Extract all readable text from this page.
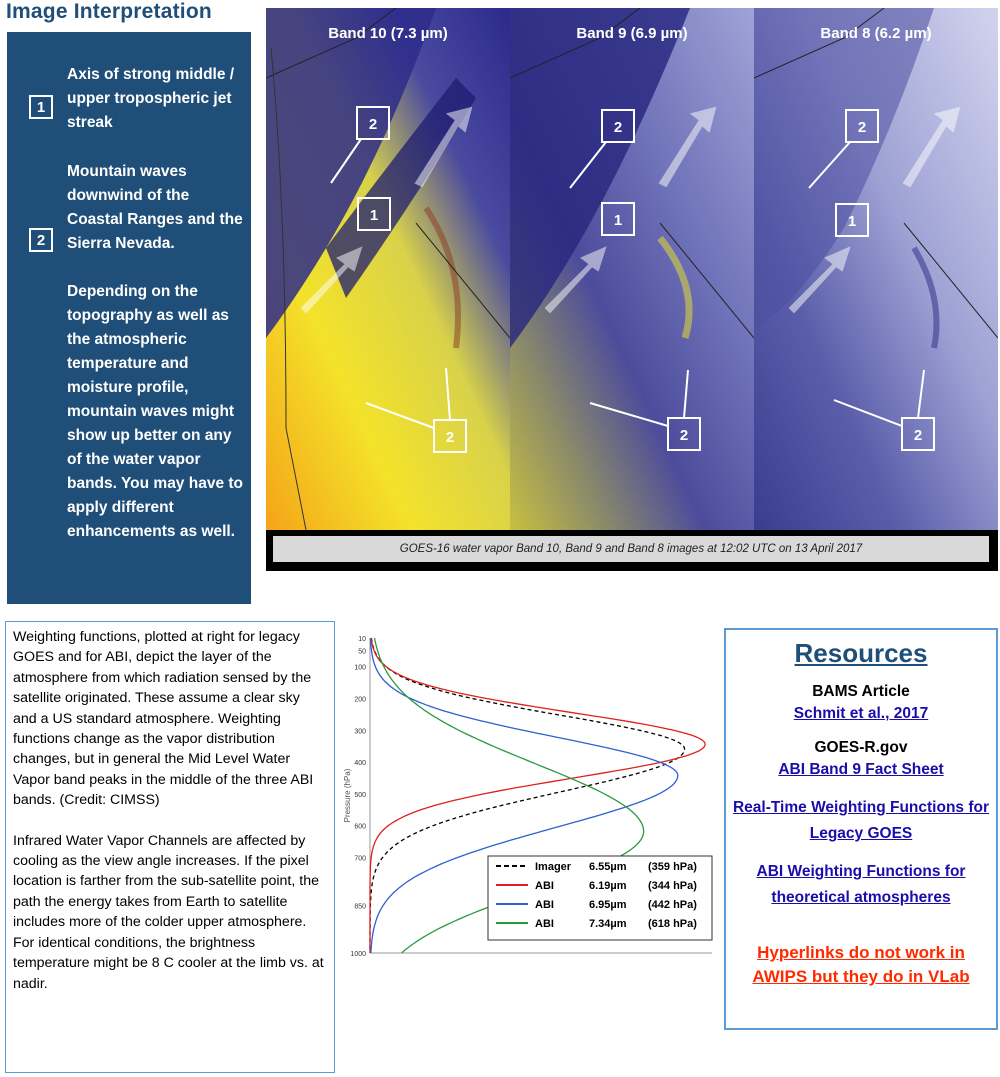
Image Interpretation
1
Axis of strong middle / upper tropospheric jet streak
2
Mountain waves downwind of the Coastal Ranges and the Sierra Nevada.
Depending on the topography as well as the atmospheric temperature and moisture profile, mountain waves might show up better on any of the water vapor bands. You may have to apply different enhancements as well.
2
1
2
Band 10 (7.3 µm)
2
1
2
Band 9 (6.9 µm)
2
1
2
Band 8 (6.2 µm)
GOES-16 water vapor Band 10, Band 9 and Band 8 images at 12:02 UTC on 13 April 2017

Weighting functions, plotted at right for legacy GOES and for ABI, depict the layer of the atmosphere from which radiation sensed by the satellite originated. These assume a clear sky and a US standard atmosphere. Weighting functions change as the vapor distribution changes, but in general the Mid Level Water Vapor band peaks in the middle of the three ABI bands. (Credit: CIMSS)

Infrared Water Vapor Channels are affected by cooling as the view angle increases. If the pixel location is farther from the sub-satellite point, the path the energy takes from Earth to satellite includes more of the colder upper atmosphere. For identical conditions, the brightness temperature might be 8 C cooler at the limb vs. at nadir.

10
50
100
200
300
400
500
600
700
850
1000
Pressure (hPa)
Imager 6.55µm (359 hPa)
ABI	6.19µm (344 hPa)
ABI	6.95µm (442 hPa)
ABI	7.34µm (618 hPa)
Resources
BAMS Article
Schmit et al., 2017
GOES-R.gov
ABI Band 9 Fact Sheet
Real-Time Weighting Functions for Legacy GOES
ABI Weighting Functions for theoretical atmospheres
Hyperlinks do not work in AWIPS but they do in VLab
